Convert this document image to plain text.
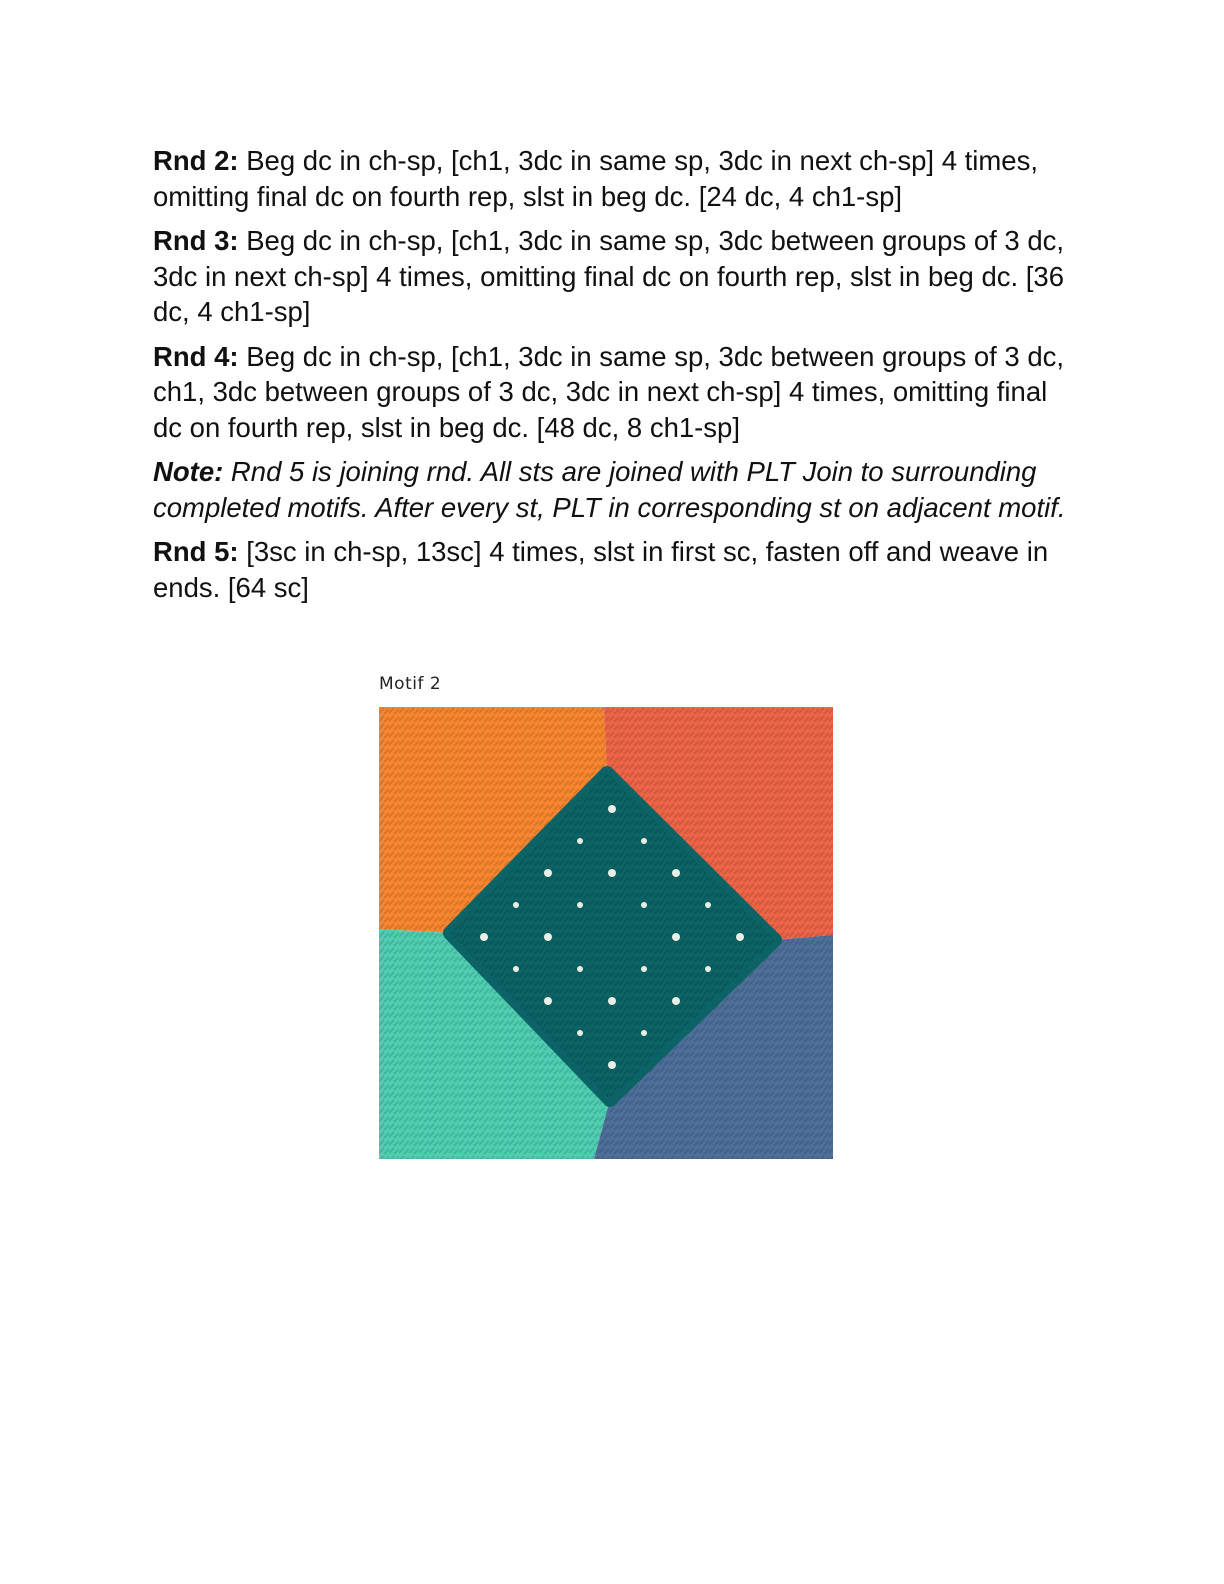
Rnd 2: Beg dc in ch-sp, [ch1, 3dc in same sp, 3dc in next ch-sp] 4 times, omitting final dc on fourth rep, slst in beg dc. [24 dc, 4 ch1-sp]

Rnd 3: Beg dc in ch-sp, [ch1, 3dc in same sp, 3dc between groups of 3 dc, 3dc in next ch-sp] 4 times, omitting final dc on fourth rep, slst in beg dc. [36 dc, 4 ch1-sp]

Rnd 4: Beg dc in ch-sp, [ch1, 3dc in same sp, 3dc between groups of 3 dc, ch1, 3dc between groups of 3 dc, 3dc in next ch-sp] 4 times, omitting final dc on fourth rep, slst in beg dc. [48 dc, 8 ch1-sp]

Note: Rnd 5 is joining rnd. All sts are joined with PLT Join to surrounding completed motifs. After every st, PLT in corresponding st on adjacent motif.

Rnd 5: [3sc in ch-sp, 13sc] 4 times, slst in first sc, fasten off and weave in ends. [64 sc]

Motif 2
